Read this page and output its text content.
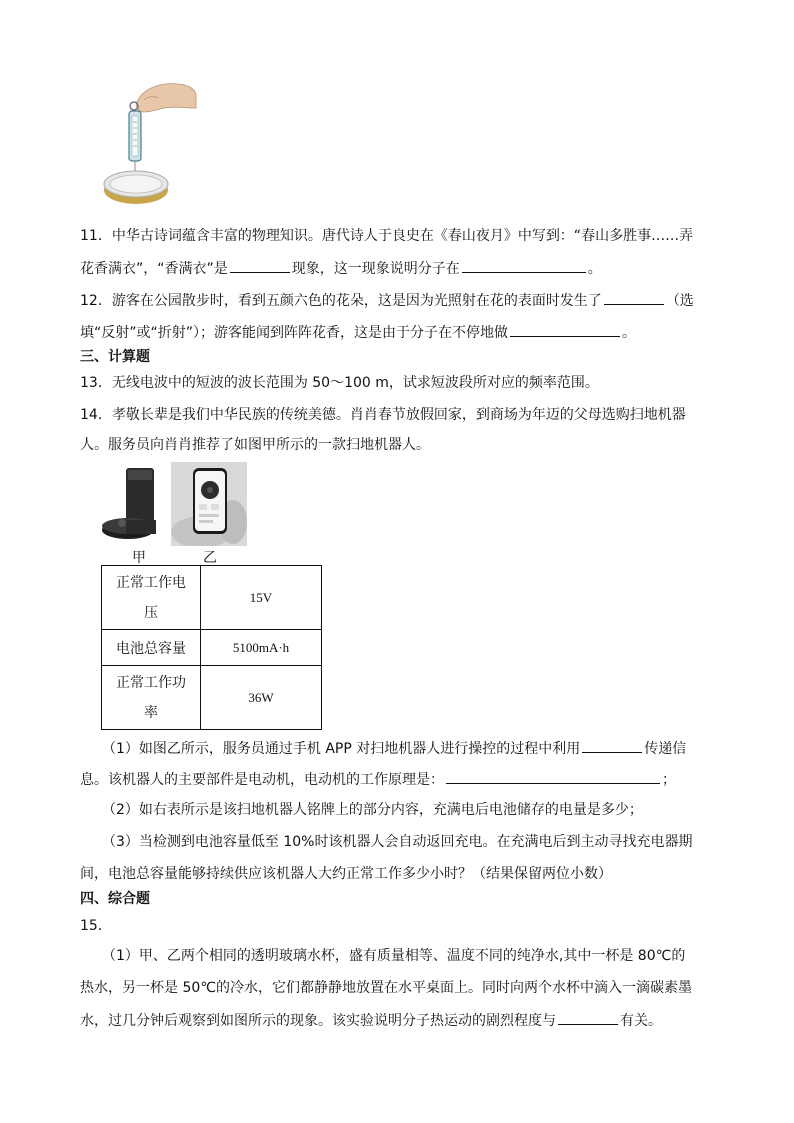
11．中华古诗词蕴含丰富的物理知识。唐代诗人于良史在《春山夜月》中写到：“春山多胜事……弄
花香满衣”，“香满衣”是	现象，这一现象说明分子在	。
12．游客在公园散步时，看到五颜六色的花朵，这是因为光照射在花的表面时发生了	（选
填“反射”或“折射”）；游客能闻到阵阵花香，这是由于分子在不停地做	。
三、计算题
13．无线电波中的短波的波长范围为 50～100 m，试求短波段所对应的频率范围。
14．孝敬长辈是我们中华民族的传统美德。肖肖春节放假回家，到商场为年迈的父母选购扫地机器
人。服务员向肖肖推荐了如图甲所示的一款扫地机器人。
甲	乙
正常工作电
压	15V
电池总容量	5100mA·h
正常工作功
率	36W
（1）如图乙所示，服务员通过手机 APP 对扫地机器人进行操控的过程中利用	传递信
息。该机器人的主要部件是电动机，电动机的工作原理是：	；
（2）如右表所示是该扫地机器人铭牌上的部分内容，充满电后电池储存的电量是多少；
（3）当检测到电池容量低至 10%时该机器人会自动返回充电。在充满电后到主动寻找充电器期
间，电池总容量能够持续供应该机器人大约正常工作多少小时？（结果保留两位小数）
四、综合题
15．
（1）甲、乙两个相同的透明玻璃水杯，盛有质量相等、温度不同的纯净水,其中一杯是 80℃的
热水，另一杯是 50℃的冷水，它们都静静地放置在水平桌面上。同时向两个水杯中滴入一滴碳素墨
水，过几分钟后观察到如图所示的现象。该实验说明分子热运动的剧烈程度与	有关。
